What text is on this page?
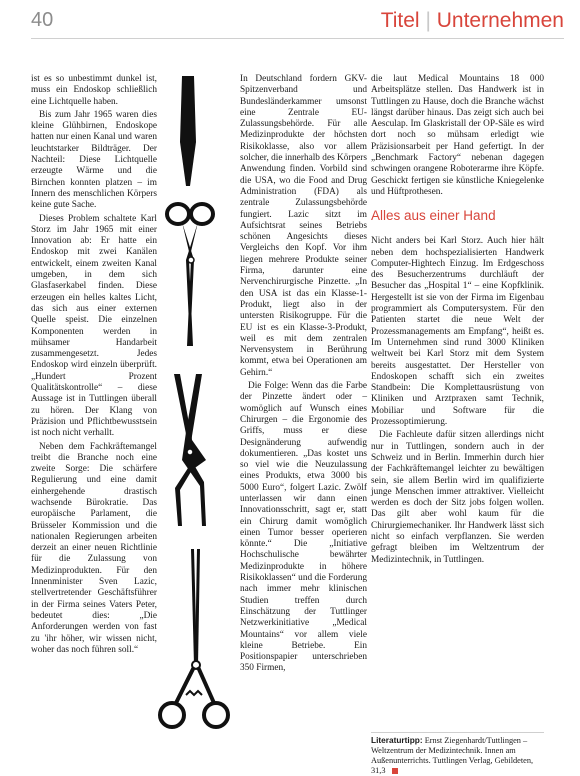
40	Titel | Unternehmen

ist es so unbestimmt dunkel ist, muss ein Endoskop schließlich eine Lichtquelle haben.

Bis zum Jahr 1965 waren dies kleine Glühbirnen, Endoskope hatten nur einen Kanal und waren leuchtstarker Bildträger. Der Nachteil: Diese Lichtquelle erzeugte Wärme und die Birnchen konnten platzen – im Innern des menschlichen Körpers keine gute Sache.

Dieses Problem schaltete Karl Storz im Jahr 1965 mit einer Innovation ab: Er hatte ein Endoskop mit zwei Kanälen entwickelt, einem zweiten Kanal umgeben, in dem sich Glasfaserkabel finden. Diese erzeugen ein helles kaltes Licht, das sich aus einer externen Quelle speist. Die einzelnen Komponenten werden in mühsamer Handarbeit zusammengesetzt. Jedes Endoskop wird einzeln überprüft. „Hundert Prozent Qualitätskontrolle“ – diese Aussage ist in Tuttlingen überall zu hören. Der Klang von Präzision und Pflichtbewusstsein ist noch nicht verhallt.

Neben dem Fachkräftemangel treibt die Branche noch eine zweite Sorge: Die schärfere Regulierung und eine damit einhergehende drastisch wachsende Bürokratie. Das europäische Parlament, die Brüsseler Kommission und die nationalen Regierungen arbeiten derzeit an einer neuen Richtlinie für die Zulassung von Medizinprodukten. Für den Innenminister Sven Lazic, stellvertretender Geschäftsführer in der Firma seines Vaters Peter, bedeutet dies: „Die Anforderungen werden von fast zu 'ihr höher, wir wissen nicht, woher das noch führen soll.“

In Deutschland fordern GKV-Spitzenverband und Bundesländerkammer umsonst eine Zentrale EU-Zulassungsbehörde. Für alle Medizinprodukte der höchsten Risikoklasse, also vor allem solcher, die innerhalb des Körpers Anwendung finden. Vorbild sind die USA, wo die Food and Drug Administration (FDA) als zentrale Zulassungsbehörde fungiert. Lazic sitzt im Aufsichtsrat seines Betriebs schönen Angesichts dieses Vergleichs den Kopf. Vor ihm liegen mehrere Produkte seiner Firma, darunter eine Nervenchirurgische Pinzette. „In den USA ist das ein Klasse-1-Produkt, liegt also in der untersten Risikogruppe. Für die EU ist es ein Klasse-3-Produkt, weil es mit dem zentralen Nervensystem in Berührung kommt, etwa bei Operationen am Gehirn.“

Die Folge: Wenn das die Farbe der Pinzette ändert oder – womöglich auf Wunsch eines Chirurgen – die Ergonomie des Griffs, muss er diese Designänderung aufwendig dokumentieren. „Das kostet uns so viel wie die Neuzulassung eines Produkts, etwa 3000 bis 5000 Euro“, folgert Lazic. Zwölf unterlassen wir dann einen Innovationsschritt, sagt er, statt ein Chirurg damit womöglich einen Tumor besser operieren könnte.“ Die „Initiative Hochschulische bewährter Medizinprodukte in höhere Risikoklassen“ und die Forderung nach immer mehr klinischen Studien treffen durch Einschätzung der Tuttlinger Netzwerkinitiative „Medical Mountains“ vor allem viele kleine Betriebe. Ein Positionspapier unterschrieben 350 Firmen,

die laut Medical Mountains 18 000 Arbeitsplätze stellen. Das Handwerk ist in Tuttlingen zu Hause, doch die Branche wächst längst darüber hinaus. Das zeigt sich auch bei Aesculap. Im Glaskristall der OP-Säle es wird dort noch so mühsam erledigt wie Präzisionsarbeit per Hand gefertigt. In der „Benchmark Factory“ nebenan dagegen schwingen orangene Roboterarme ihre Köpfe. Geschickt fertigen sie künstliche Kniegelenke und Hüftprothesen.

Alles aus einer Hand

Nicht anders bei Karl Storz. Auch hier hält neben dem hochspezialisierten Handwerk Computer-Hightech Einzug. Im Erdgeschoss des Besucherzentrums durchläuft der Besucher das „Hospital 1“ – eine Kopfklinik. Hergestellt ist sie von der Firma im Eigenbau programmiert als Computersystem. Für den Patienten startet die neue Welt der Prozessmanagements am Empfang“, heißt es. Im Unternehmen sind rund 3000 Kliniken weltweit bei Karl Storz mit dem System bereits ausgestattet. Der Hersteller von Endoskopen schafft sich ein zweites Standbein: Die Komplettausrüstung von Kliniken und Arztpraxen samt Technik, Mobiliar und Software für die Prozessoptimierung.

Die Fachleute dafür sitzen allerdings nicht nur in Tuttlingen, sondern auch in der Schweiz und in Berlin. Immerhin durch hier der Fachkräftemangel leichter zu bewältigen sein, sie allem Berlin wird im qualifizierte junge Menschen immer attraktiver. Vielleicht werden es doch der Sitz jobs folgen wollen. Das gilt aber wohl kaum für die Chirurgiemechaniker. Ihr Handwerk lässt sich nicht so einfach verpflanzen. Sie werden gefragt bleiben im Weltzentrum der Medizintechnik, in Tuttlingen.

Literaturtipp: Ernst Ziegenhardt/Tuttlingen – Weltzentrum der Medizintechnik. Innen am Außenunterrichts. Tuttlingen Verlag, Gebildeten, 31,3
